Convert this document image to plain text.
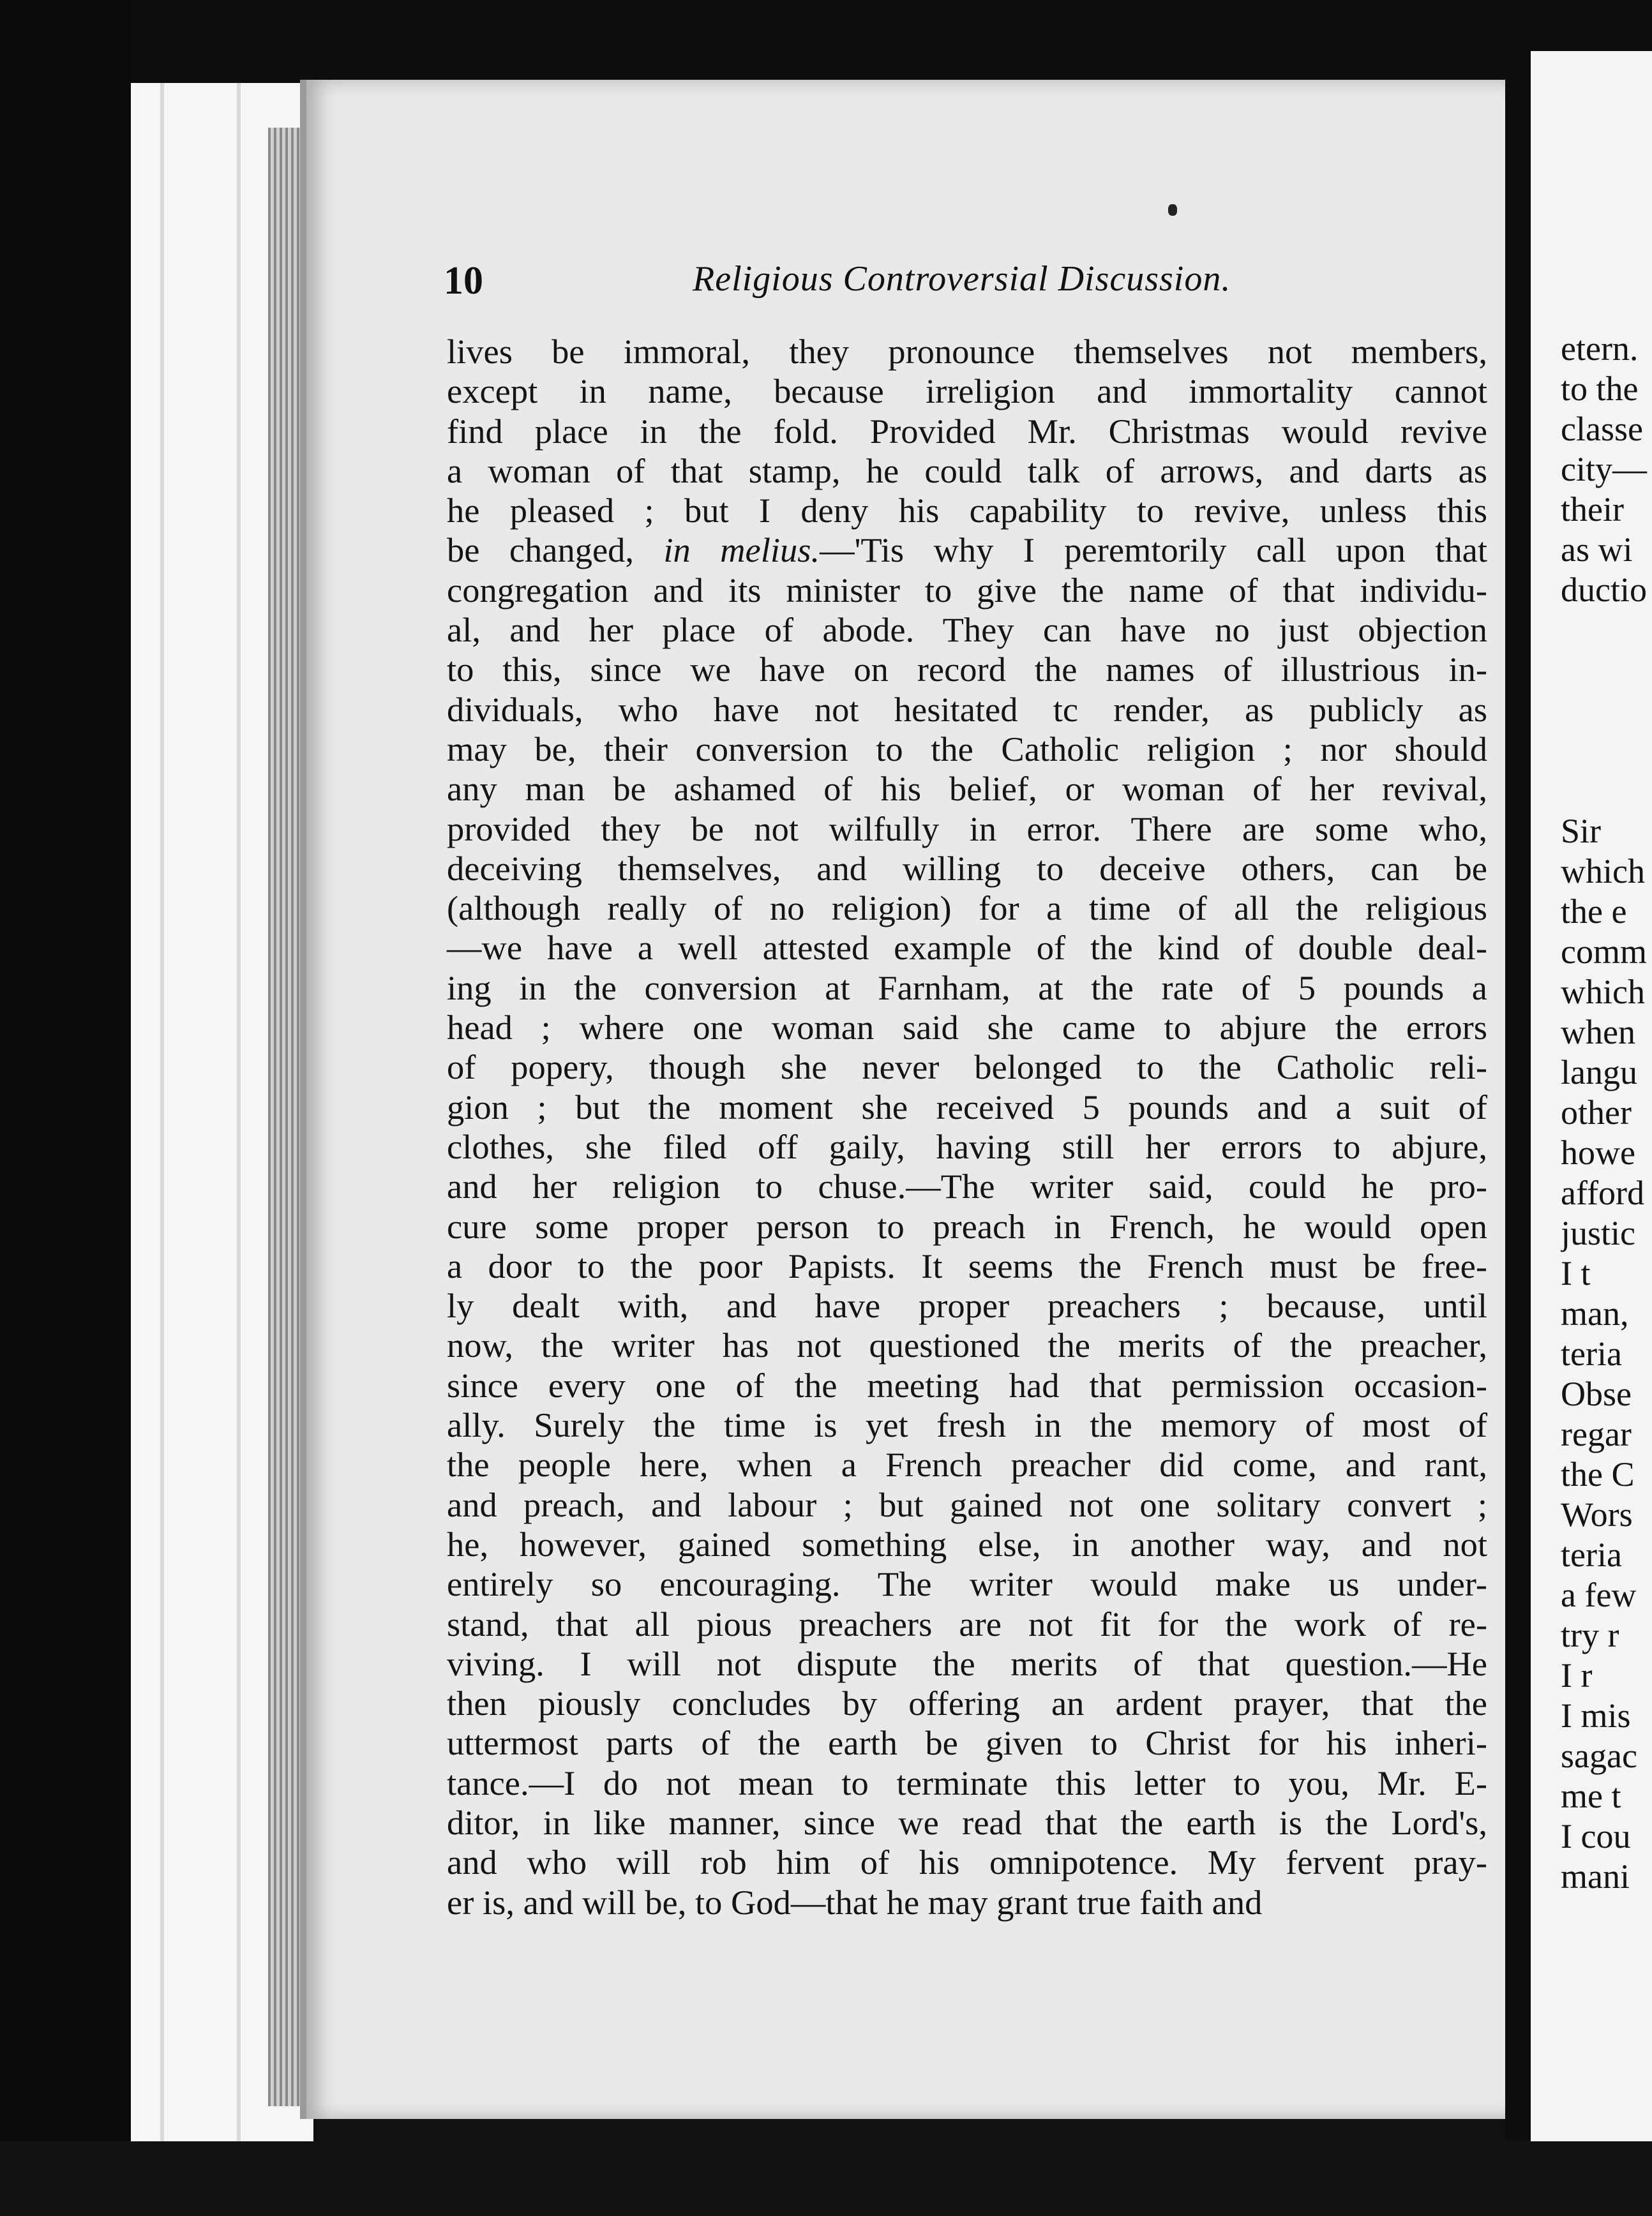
10	Religious Controversial Discussion.
lives be immoral, they pronounce themselves not members,
except in name, because irreligion and immortality cannot
find place in the fold. Provided Mr. Christmas would revive
a woman of that stamp, he could talk of arrows, and darts as
he pleased ; but I deny his capability to revive, unless this
be changed, in melius.—'Tis why I peremtorily call upon that
congregation and its minister to give the name of that individu-
al, and her place of abode. They can have no just objection
to this, since we have on record the names of illustrious in-
dividuals, who have not hesitated tc render, as publicly as
may be, their conversion to the Catholic religion ; nor should
any man be ashamed of his belief, or woman of her revival,
provided they be not wilfully in error. There are some who,
deceiving themselves, and willing to deceive others, can be
(although really of no religion) for a time of all the religious
—we have a well attested example of the kind of double deal-
ing in the conversion at Farnham, at the rate of 5 pounds a
head ; where one woman said she came to abjure the errors
of popery, though she never belonged to the Catholic reli-
gion ; but the moment she received 5 pounds and a suit of
clothes, she filed off gaily, having still her errors to abjure,
and her religion to chuse.—The writer said, could he pro-
cure some proper person to preach in French, he would open
a door to the poor Papists. It seems the French must be free-
ly dealt with, and have proper preachers ; because, until
now, the writer has not questioned the merits of the preacher,
since every one of the meeting had that permission occasion-
ally. Surely the time is yet fresh in the memory of most of
the people here, when a French preacher did come, and rant,
and preach, and labour ; but gained not one solitary convert ;
he, however, gained something else, in another way, and not
entirely so encouraging. The writer would make us under-
stand, that all pious preachers are not fit for the work of re-
viving. I will not dispute the merits of that question.—He
then piously concludes by offering an ardent prayer, that the
uttermost parts of the earth be given to Christ for his inheri-
tance.—I do not mean to terminate this letter to you, Mr. E-
ditor, in like manner, since we read that the earth is the Lord's,
and who will rob him of his omnipotence. My fervent pray-
er is, and will be, to God—that he may grant true faith and
etern.
to the
classe
city—
their
as wi
ductio
Sir
which
the e
comm
which
when
langu
other
howe
afford
justic
I t
man,
teria
Obse
regar
the C
Wors
teria
a few
try r
I r
I mis
sagac
me t
I cou
mani
